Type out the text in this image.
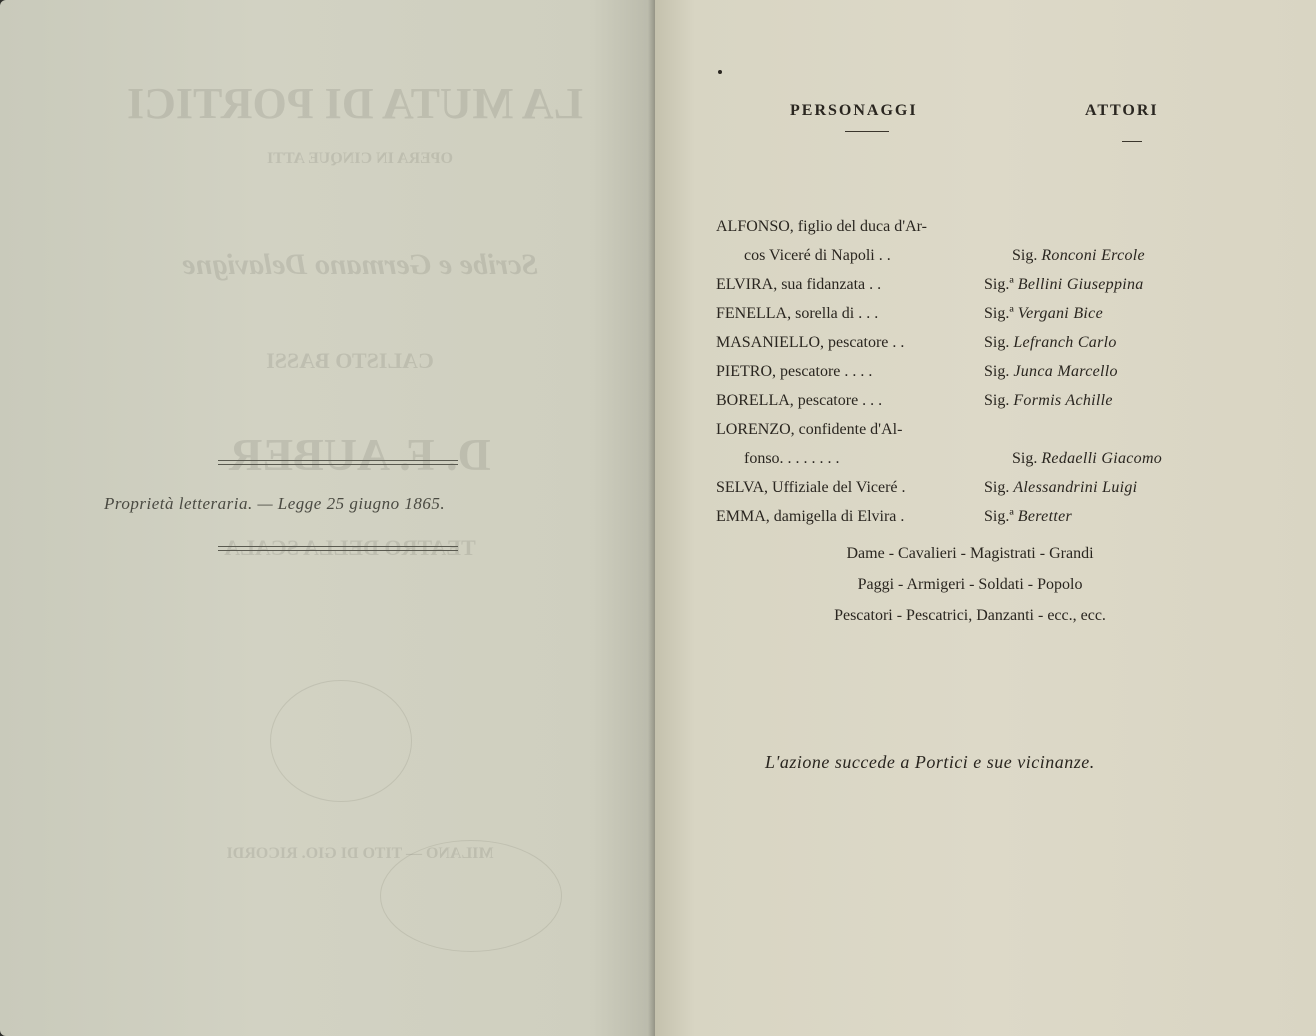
LA MUTA DI PORTICI
OPERA IN CINQUE ATTI
Scribe e Germano Delavigne
CALISTO BASSI
D. F. AUBER
TEATRO DELLA SCALA
MILANO — TITO DI GIO. RICORDI
Proprietà letteraria. — Legge 25 giugno 1865.
PERSONAGGI	ATTORI
ALFONSO, figlio del duca d'Ar-
cos Viceré di Napoli . .	Sig. Ronconi Ercole
ELVIRA, sua fidanzata . .	Sig.ª Bellini Giuseppina
FENELLA, sorella di . . .	Sig.ª Vergani Bice
MASANIELLO, pescatore . .	Sig. Lefranch Carlo
PIETRO, pescatore . . . .	Sig. Junca Marcello
BORELLA, pescatore . . .	Sig. Formis Achille
LORENZO, confidente d'Al-
fonso. . . . . . . .	Sig. Redaelli Giacomo
SELVA, Uffiziale del Viceré .	Sig. Alessandrini Luigi
EMMA, damigella di Elvira .	Sig.ª Beretter
Dame - Cavalieri - Magistrati - Grandi
Paggi - Armigeri - Soldati - Popolo
Pescatori - Pescatrici, Danzanti - ecc., ecc.
L'azione succede a Portici e sue vicinanze.
